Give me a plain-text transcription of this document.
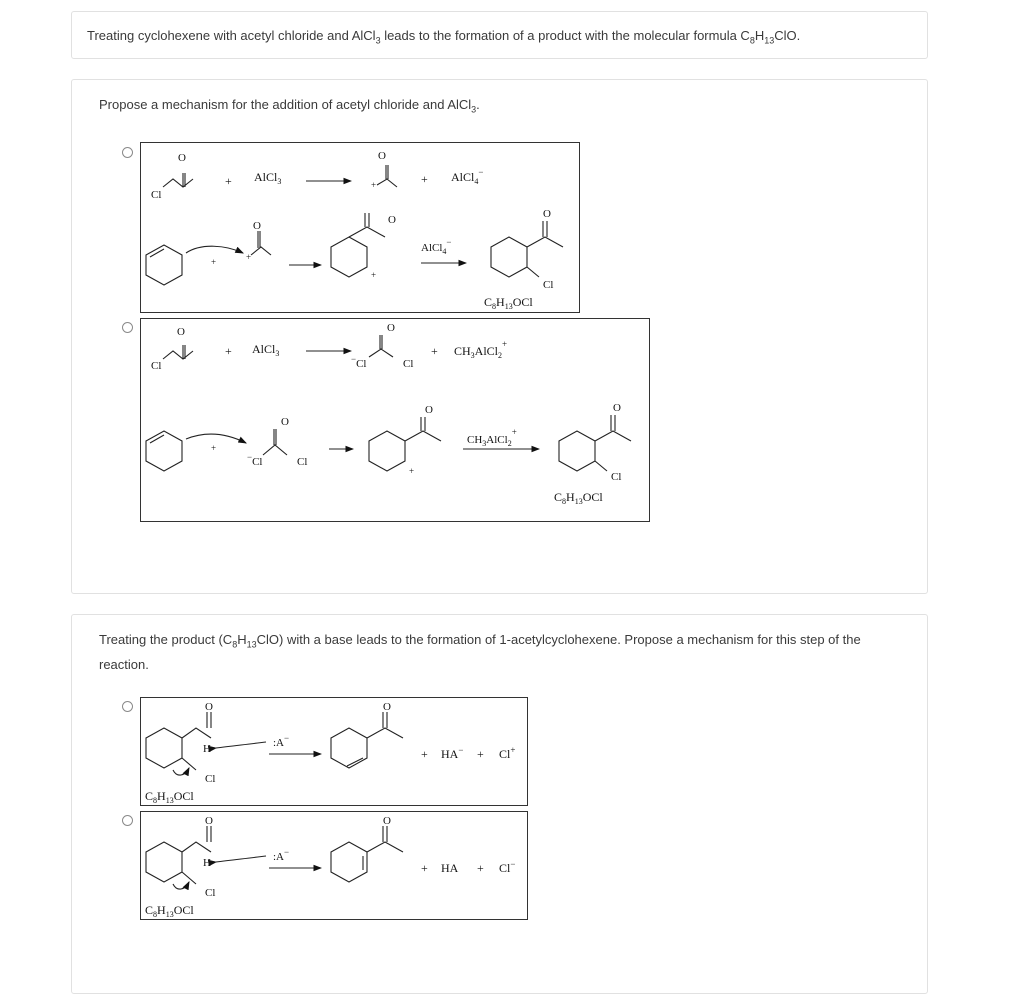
Treating cyclohexene with acetyl chloride and AlCl$_3$ leads to the formation of a product with the molecular formula $C_8H_{13}ClO$.
Propose a mechanism for the addition of acetyl chloride and AlCl$_3$.
O
Cl
+ AlCl$_3$
O
+	+ AlCl$_4$−
+	+
O	O
+
AlCl$_4$−
O
Cl
$C_8H_{13}OCl$
O
Cl
+ AlCl$_3$
O
−Cl	Cl
+ $CH_3AlCl_2^+$
+
O
−Cl	Cl
O
+
$CH_3AlCl_2^+$
O
Cl
$C_8H_{13}OCl$
Treating the product $(C_8H_{13}ClO)$ with a base leads to the formation of 1-acetylcyclohexene. Propose a mechanism for this step of the reaction.
O
H
Cl
:A−
O
+ HA− + Cl+
$C_8H_{13}OCl$
O
H
Cl
:A−
O
+ HA + Cl−
$C_8H_{13}OCl$
